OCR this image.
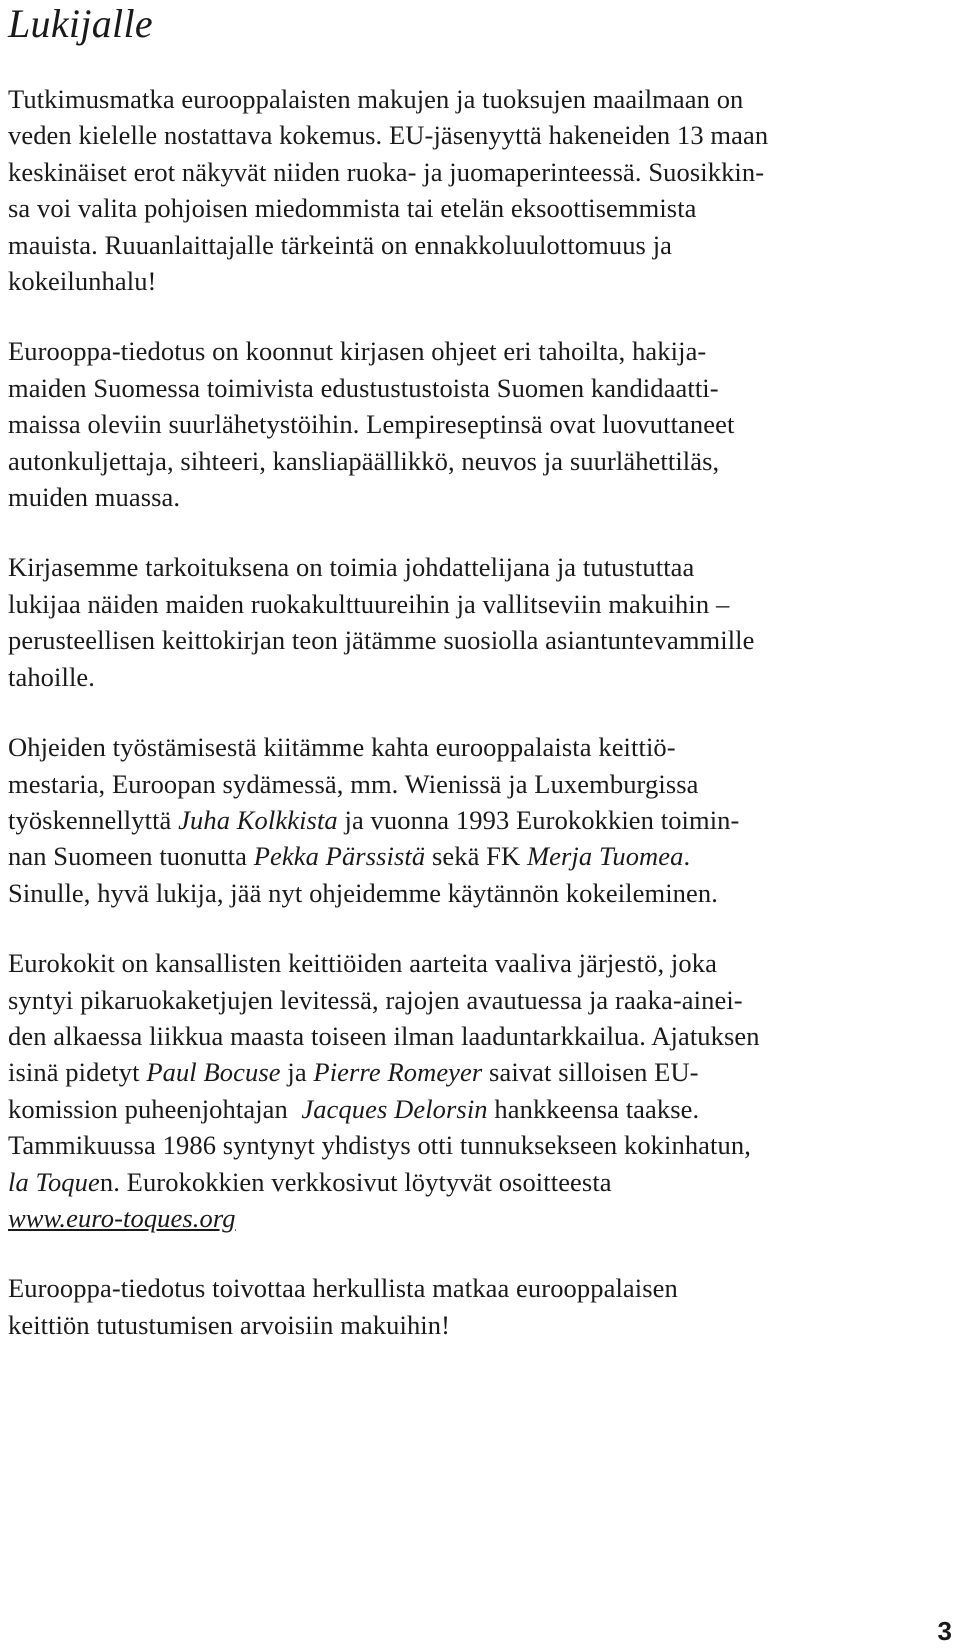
Lukijalle

Tutkimusmatka eurooppalaisten makujen ja tuoksujen maailmaan on
veden kielelle nostattava kokemus. EU-jäsenyyttä hakeneiden 13 maan
keskinäiset erot näkyvät niiden ruoka- ja juomaperinteessä. Suosikkin-
sa voi valita pohjoisen miedommista tai etelän eksoottisemmista
mauista. Ruuanlaittajalle tärkeintä on ennakkoluulottomuus ja
kokeilunhalu!

Eurooppa-tiedotus on koonnut kirjasen ohjeet eri tahoilta, hakija-
maiden Suomessa toimivista edustustustoista Suomen kandidaatti-
maissa oleviin suurlähetystöihin. Lempireseptinsä ovat luovuttaneet
autonkuljettaja, sihteeri, kansliapäällikkö, neuvos ja suurlähettiläs,
muiden muassa.

Kirjasemme tarkoituksena on toimia johdattelijana ja tutustuttaa
lukijaa näiden maiden ruokakulttuureihin ja vallitseviin makuihin –
perusteellisen keittokirjan teon jätämme suosiolla asiantuntevammille
tahoille.

Ohjeiden työstämisestä kiitämme kahta eurooppalaista keittiö-
mestaria, Euroopan sydämessä, mm. Wienissä ja Luxemburgissa
työskennellyttä Juha Kolkkista ja vuonna 1993 Eurokokkien toimin-
nan Suomeen tuonutta Pekka Pärssistä sekä FK Merja Tuomea.
Sinulle, hyvä lukija, jää nyt ohjeidemme käytännön kokeileminen.

Eurokokit on kansallisten keittiöiden aarteita vaaliva järjestö, joka
syntyi pikaruokaketjujen levitessä, rajojen avautuessa ja raaka-ainei-
den alkaessa liikkua maasta toiseen ilman laaduntarkkailua. Ajatuksen
isinä pidetyt Paul Bocuse ja Pierre Romeyer saivat silloisen EU-
komission puheenjohtajan  Jacques Delorsin hankkeensa taakse.
Tammikuussa 1986 syntynyt yhdistys otti tunnuksekseen kokinhatun,
la Toquen. Eurokokkien verkkosivut löytyvät osoitteesta
www.euro-toques.org

Eurooppa-tiedotus toivottaa herkullista matkaa eurooppalaisen
keittiön tutustumisen arvoisiin makuihin!

3
